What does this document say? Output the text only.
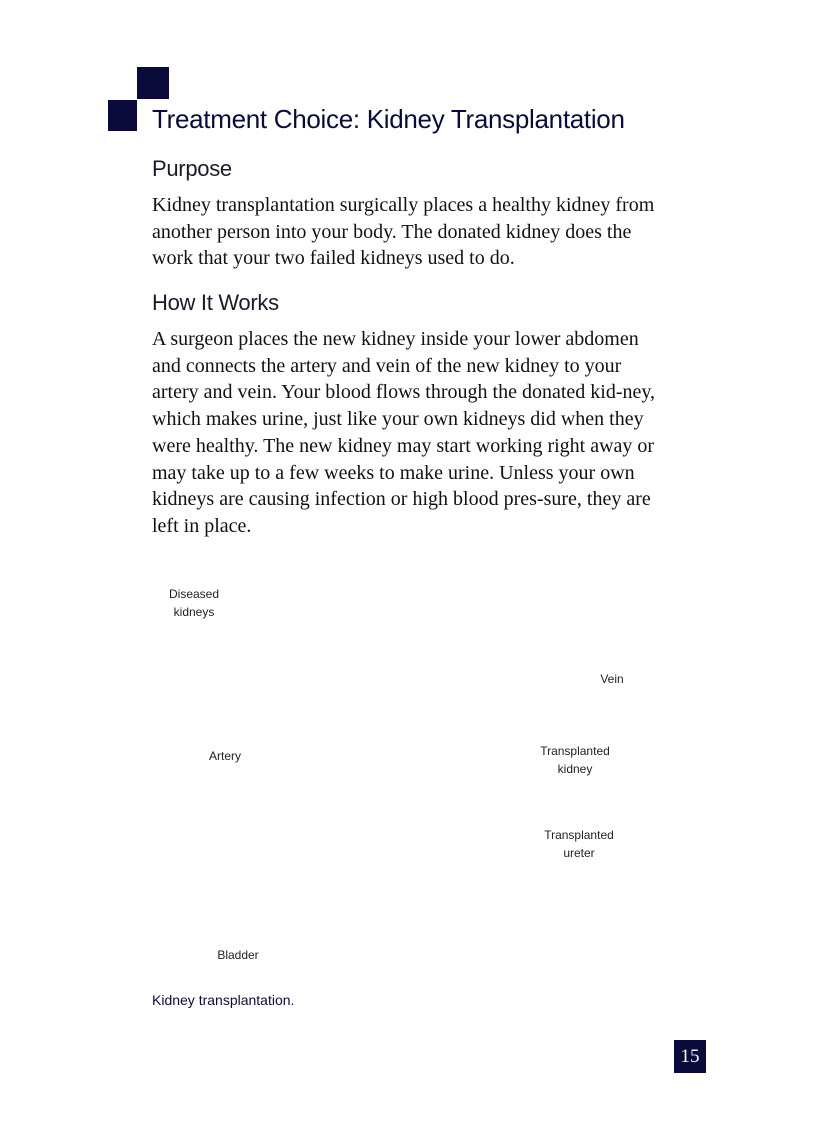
Treatment Choice: Kidney Transplantation
Purpose

Kidney transplantation surgically places a healthy kidney from another person into your body. The donated kidney does the work that your two failed kidneys used to do.

How It Works

A surgeon places the new kidney inside your lower abdomen and connects the artery and vein of the new kidney to your artery and vein. Your blood flows through the donated kid-ney, which makes urine, just like your own kidneys did when they were healthy. The new kidney may start working right away or may take up to a few weeks to make urine. Unless your own kidneys are causing infection or high blood pres-sure, they are left in place.

Diseased
kidneys
Vein
Artery	Transplanted
kidney
Transplanted
ureter
Bladder

Kidney transplantation.

15
